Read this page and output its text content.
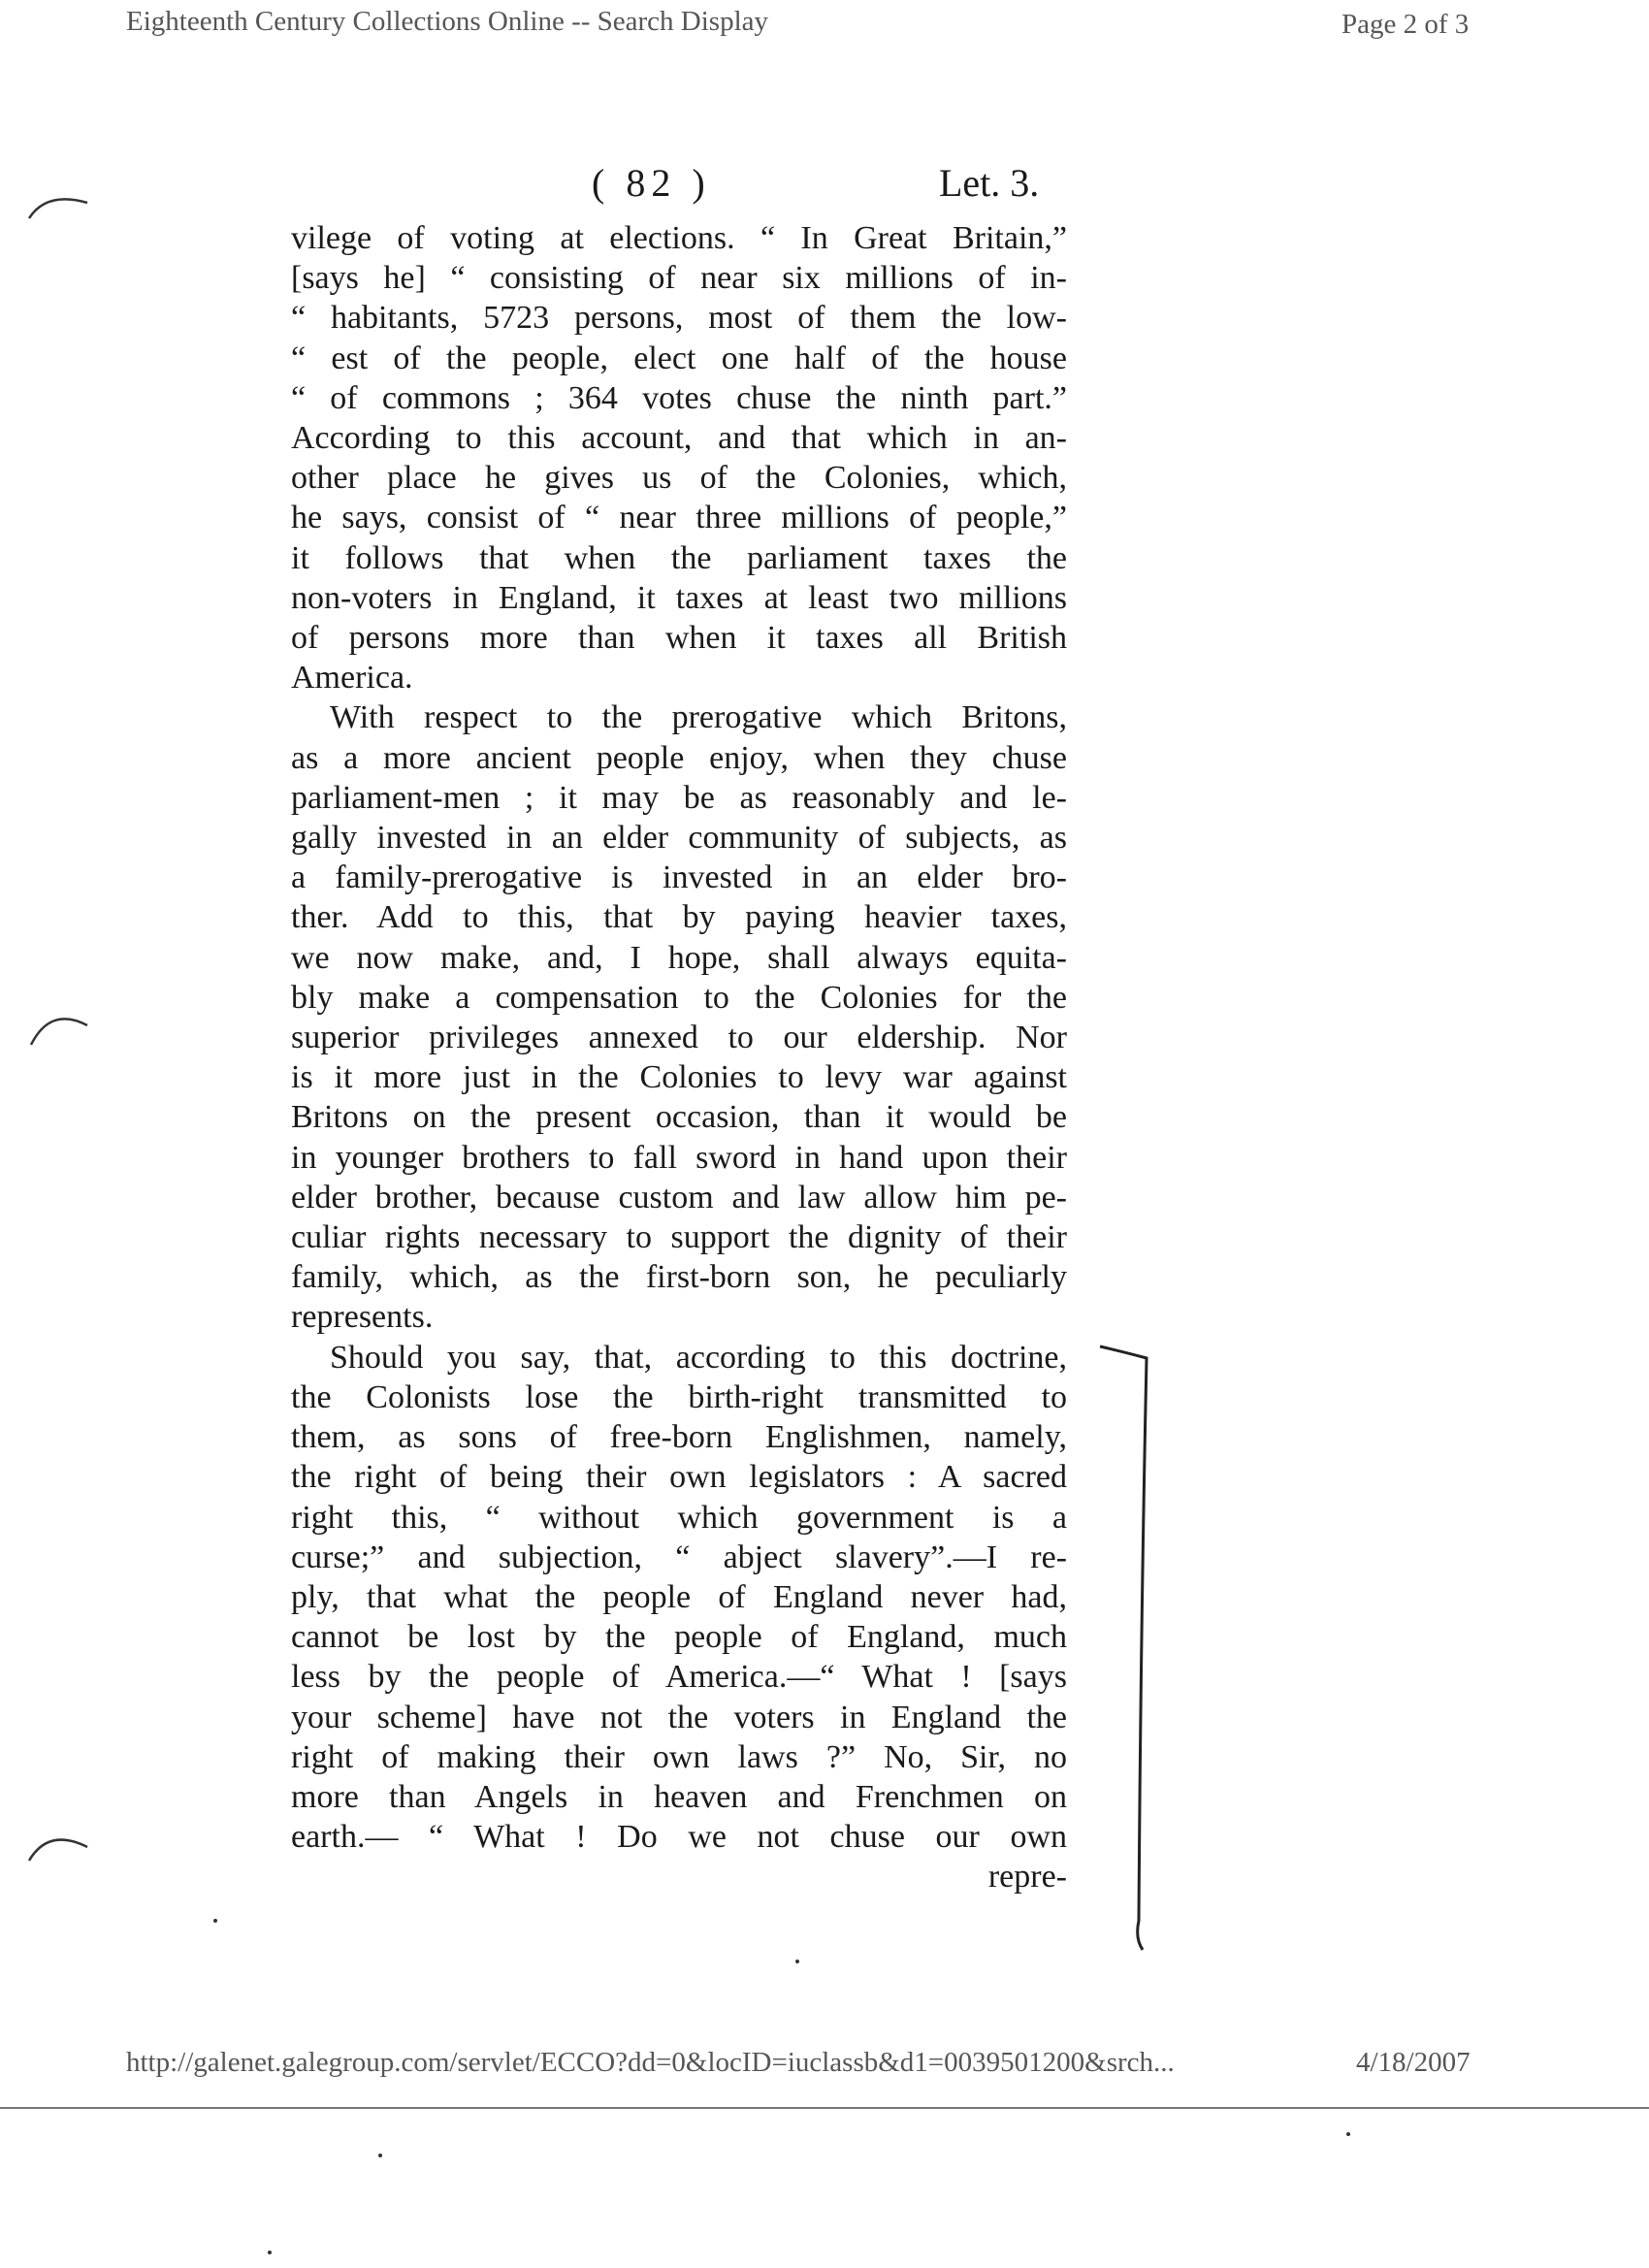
Eighteenth Century Collections Online -- Search Display	Page 2 of 3
( 82 )	Let. 3.
vilege of voting at elections. “ In Great Britain,”
[says he] “ consisting of near six millions of in-
“ habitants, 5723 persons, most of them the low-
“ est of the people, elect one half of the house
“ of commons ; 364 votes chuse the ninth part.”
According to this account, and that which in an-
other place he gives us of the Colonies, which,
he says, consist of “ near three millions of people,”
it follows that when the parliament taxes the
non-voters in England, it taxes at least two millions
of persons more than when it taxes all British
America.
With respect to the prerogative which Britons,
as a more ancient people enjoy, when they chuse
parliament-men ; it may be as reasonably and le-
gally invested in an elder community of subjects, as
a family-prerogative is invested in an elder bro-
ther. Add to this, that by paying heavier taxes,
we now make, and, I hope, shall always equita-
bly make a compensation to the Colonies for the
superior privileges annexed to our eldership. Nor
is it more just in the Colonies to levy war against
Britons on the present occasion, than it would be
in younger brothers to fall sword in hand upon their
elder brother, because custom and law allow him pe-
culiar rights necessary to support the dignity of their
family, which, as the first-born son, he peculiarly
represents.
Should you say, that, according to this doctrine,
the Colonists lose the birth-right transmitted to
them, as sons of free-born Englishmen, namely,
the right of being their own legislators : A sacred
right this, “ without which government is a
curse;” and subjection, “ abject slavery”.—I re-
ply, that what the people of England never had,
cannot be lost by the people of England, much
less by the people of America.—“ What ! [says
your scheme] have not the voters in England the
right of making their own laws ?” No, Sir, no
more than Angels in heaven and Frenchmen on
earth.— “ What ! Do we not chuse our own
repre-
http://galenet.galegroup.com/servlet/ECCO?dd=0&locID=iuclassb&d1=0039501200&srch...	4/18/2007
